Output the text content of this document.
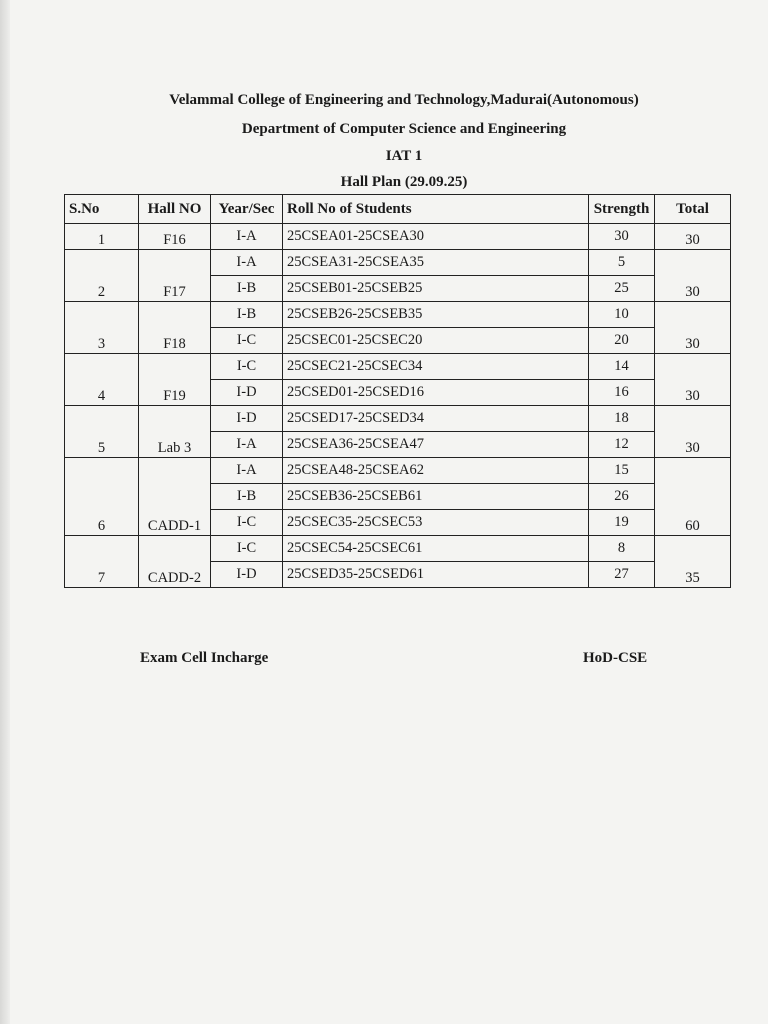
Velammal College of Engineering and Technology,Madurai(Autonomous)
Department of Computer Science and Engineering
IAT 1
Hall Plan (29.09.25)
S.No	Hall NO	Year/Sec	Roll No of Students	Strength	Total
1	F16	I-A	25CSEA01-25CSEA30	30	30
2	F17	I-A	25CSEA31-25CSEA35	5	30
		I-B	25CSEB01-25CSEB25	25	
3	F18	I-B	25CSEB26-25CSEB35	10	30
		I-C	25CSEC01-25CSEC20	20	
4	F19	I-C	25CSEC21-25CSEC34	14	30
		I-D	25CSED01-25CSED16	16	
5	Lab 3	I-D	25CSED17-25CSED34	18	30
		I-A	25CSEA36-25CSEA47	12	
6	CADD-1	I-A	25CSEA48-25CSEA62	15	60
		I-B	25CSEB36-25CSEB61	26	
		I-C	25CSEC35-25CSEC53	19	
7	CADD-2	I-C	25CSEC54-25CSEC61	8	35
		I-D	25CSED35-25CSED61	27	
Exam Cell Incharge	HoD-CSE
